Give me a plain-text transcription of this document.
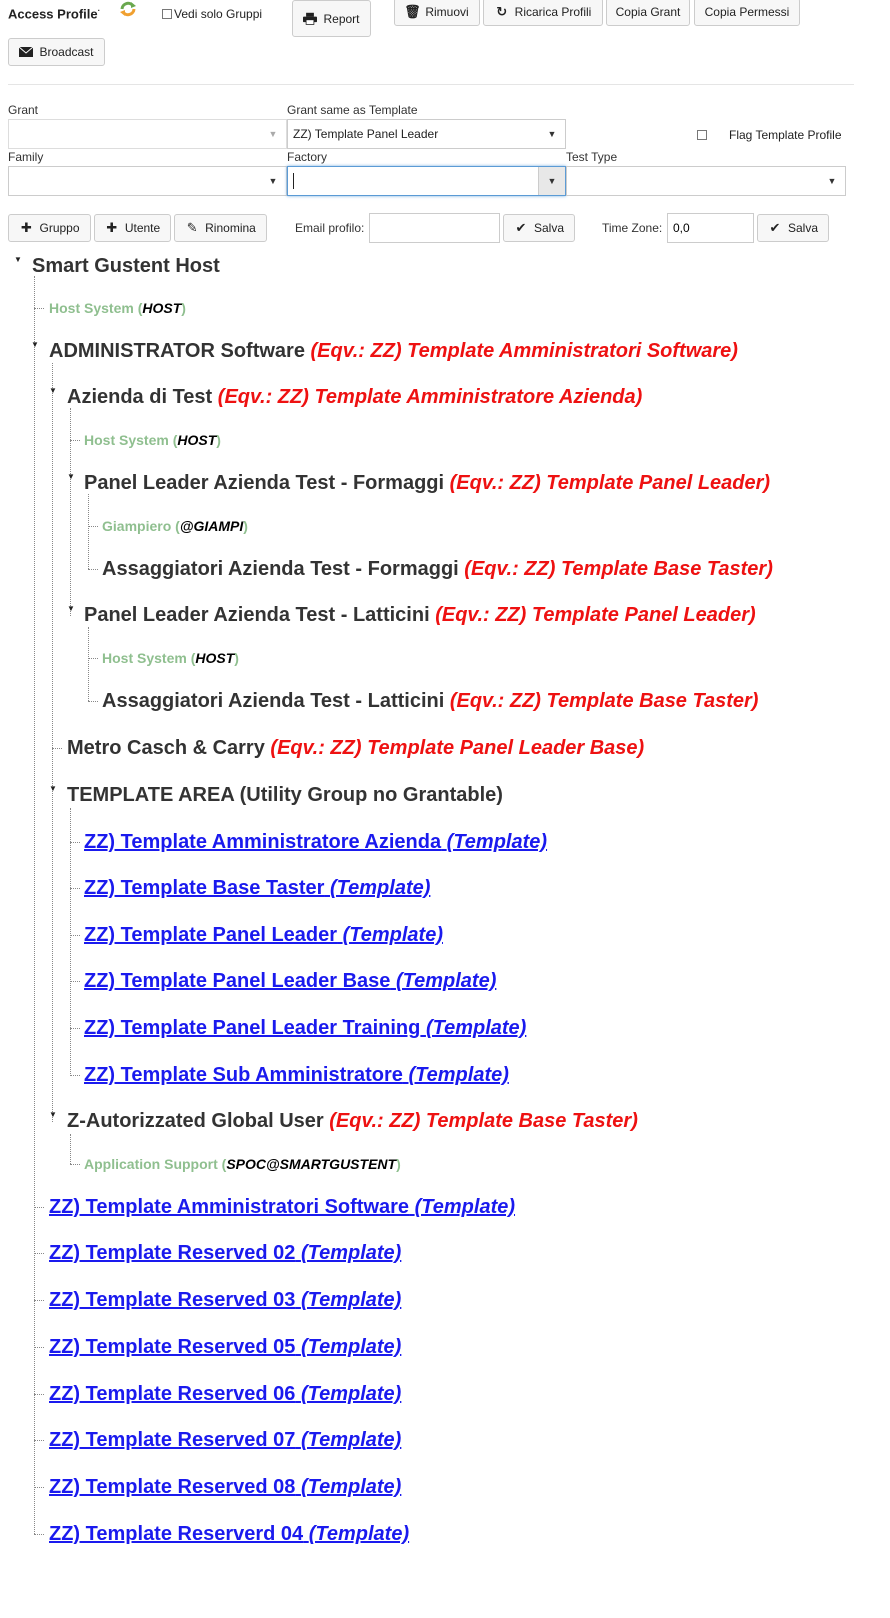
Access Profile·	Vedi solo Gruppi	Report	🗑 Rimuovi ↻ Ricarica Profili Copia Grant Copia Permessi
Broadcast
Grant
▼
Grant same as Template
ZZ) Template Panel Leader	▼	Flag Template Profile
Family
▼
Factory
▼
Test Type
▼
✚ Gruppo ✚ Utente ✎ Rinomina	Email profilo:	✔ Salva	Time Zone:
0,0	✔ Salva
▼
▼
▼
▼
▼
▼
▼
Smart Gustent Host
Host System (HOST)
ADMINISTRATOR Software (Eqv.: ZZ) Template Amministratori Software)
Azienda di Test (Eqv.: ZZ) Template Amministratore Azienda)
Host System (HOST)
Panel Leader Azienda Test - Formaggi (Eqv.: ZZ) Template Panel Leader)
Giampiero (@GIAMPI)
Assaggiatori Azienda Test - Formaggi (Eqv.: ZZ) Template Base Taster)
Panel Leader Azienda Test - Latticini (Eqv.: ZZ) Template Panel Leader)
Host System (HOST)
Assaggiatori Azienda Test - Latticini (Eqv.: ZZ) Template Base Taster)
Metro Casch & Carry (Eqv.: ZZ) Template Panel Leader Base)
TEMPLATE AREA (Utility Group no Grantable)
ZZ) Template Amministratore Azienda (Template)
ZZ) Template Base Taster (Template)
ZZ) Template Panel Leader (Template)
ZZ) Template Panel Leader Base (Template)
ZZ) Template Panel Leader Training (Template)
ZZ) Template Sub Amministratore (Template)
Z-Autorizzated Global User (Eqv.: ZZ) Template Base Taster)
Application Support (SPOC@SMARTGUSTENT)
ZZ) Template Amministratori Software (Template)
ZZ) Template Reserved 02 (Template)
ZZ) Template Reserved 03 (Template)
ZZ) Template Reserved 05 (Template)
ZZ) Template Reserved 06 (Template)
ZZ) Template Reserved 07 (Template)
ZZ) Template Reserved 08 (Template)
ZZ) Template Reserverd 04 (Template)
